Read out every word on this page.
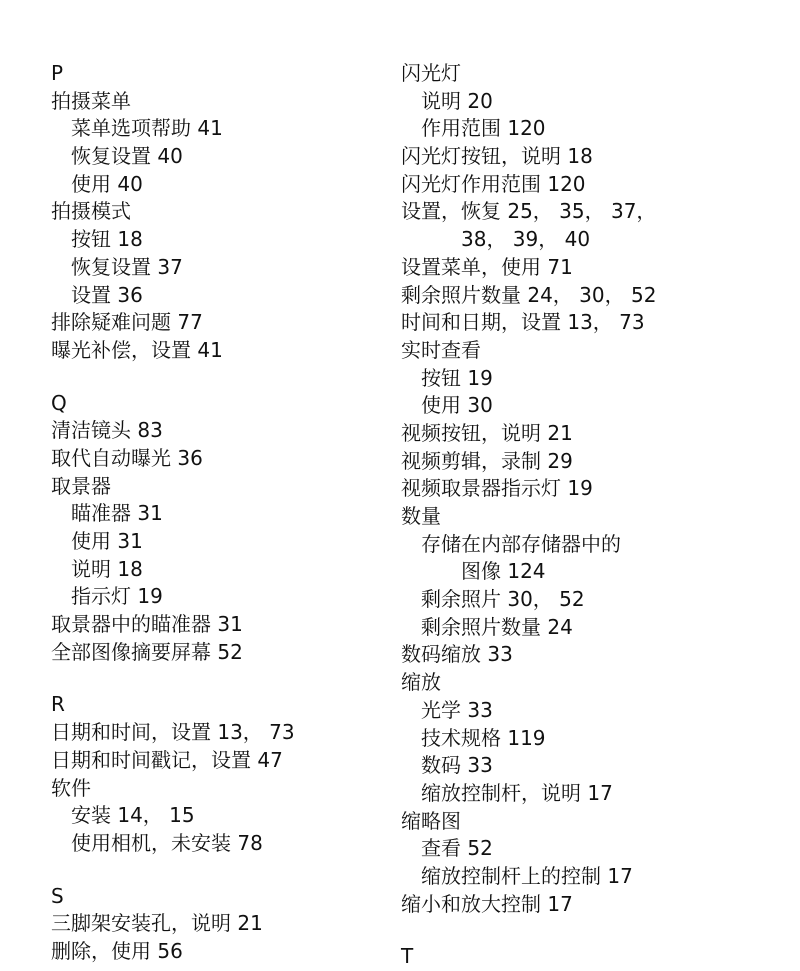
P
拍摄菜单
菜单选项帮助 41
恢复设置 40
使用 40
拍摄模式
按钮 18
恢复设置 37
设置 36
排除疑难问题 77
曝光补偿，设置 41
Q
清洁镜头 83
取代自动曝光 36
取景器
瞄准器 31
使用 31
说明 18
指示灯 19
取景器中的瞄准器 31
全部图像摘要屏幕 52
R
日期和时间，设置 13， 73
日期和时间戳记，设置 47
软件
安装 14， 15
使用相机，未安装 78
S
三脚架安装孔，说明 21
删除，使用 56
闪光灯
说明 20
作用范围 120
闪光灯按钮，说明 18
闪光灯作用范围 120
设置，恢复 25， 35， 37，
38， 39， 40
设置菜单，使用 71
剩余照片数量 24， 30， 52
时间和日期，设置 13， 73
实时查看
按钮 19
使用 30
视频按钮，说明 21
视频剪辑，录制 29
视频取景器指示灯 19
数量
存储在内部存储器中的
图像 124
剩余照片 30， 52
剩余照片数量 24
数码缩放 33
缩放
光学 33
技术规格 119
数码 33
缩放控制杆，说明 17
缩略图
查看 52
缩放控制杆上的控制 17
缩小和放大控制 17
T
